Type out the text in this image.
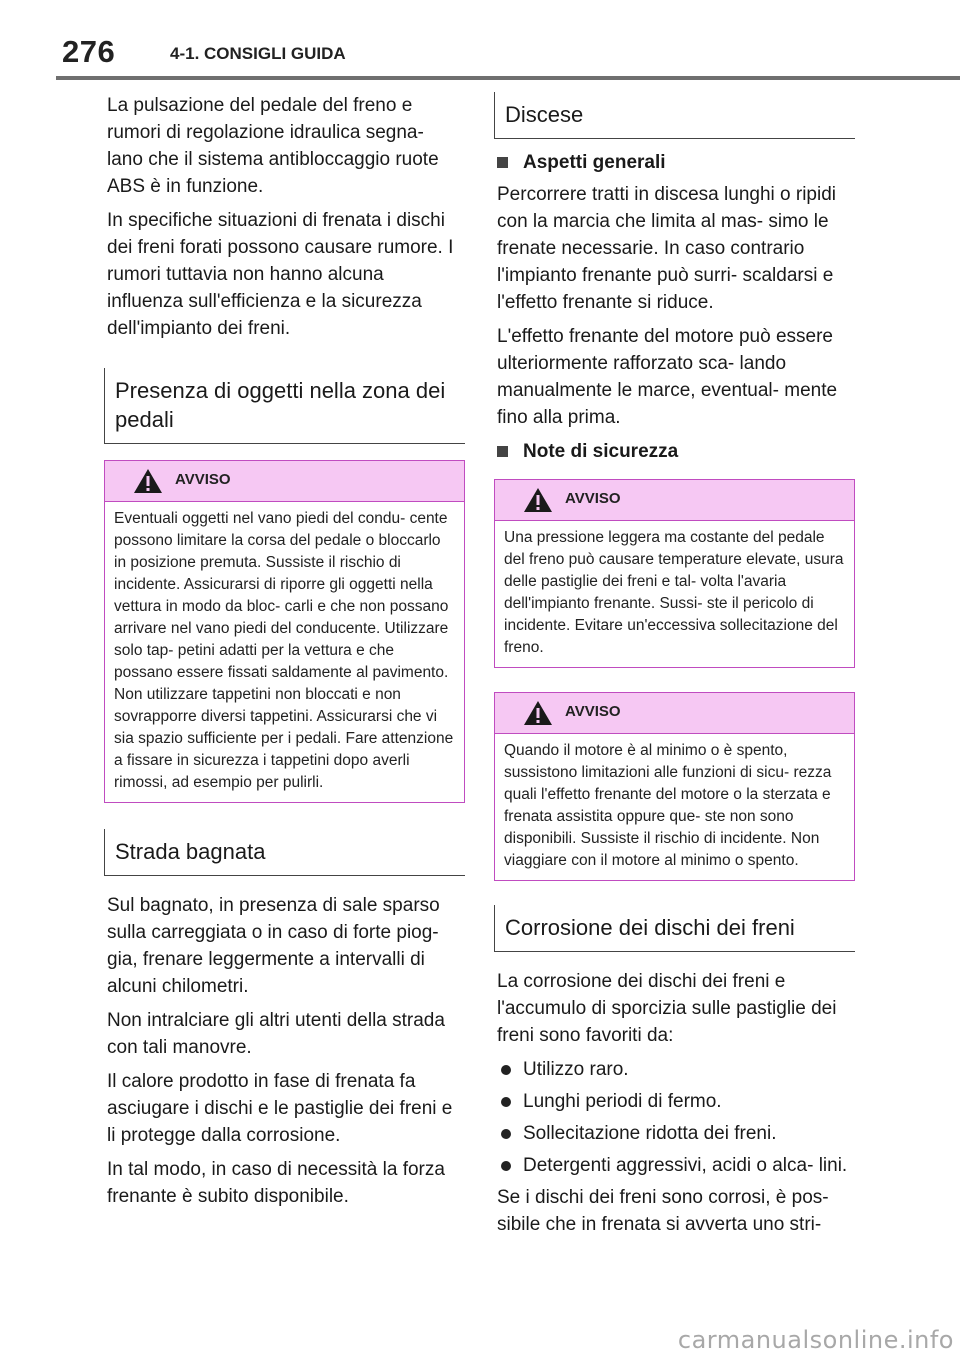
276	4-1. CONSIGLI GUIDA

La pulsazione del pedale del freno e rumori di regolazione idraulica segna- lano che il sistema antibloccaggio ruote ABS è in funzione.

In specifiche situazioni di frenata i dischi dei freni forati possono causare rumore. I rumori tuttavia non hanno alcuna influenza sull'efficienza e la sicurezza dell'impianto dei freni.

Presenza di oggetti nella zona dei pedali
AVVISO
Eventuali oggetti nel vano piedi del condu- cente possono limitare la corsa del pedale o bloccarlo in posizione premuta. Sussiste il rischio di incidente. Assicurarsi di riporre gli oggetti nella vettura in modo da bloc- carli e che non possano arrivare nel vano piedi del conducente. Utilizzare solo tap- petini adatti per la vettura e che possano essere fissati saldamente al pavimento. Non utilizzare tappetini non bloccati e non sovrapporre diversi tappetini. Assicurarsi che vi sia spazio sufficiente per i pedali. Fare attenzione a fissare in sicurezza i tappetini dopo averli rimossi, ad esempio per pulirli.
Strada bagnata

Sul bagnato, in presenza di sale sparso sulla carreggiata o in caso di forte piog- gia, frenare leggermente a intervalli di alcuni chilometri.

Non intralciare gli altri utenti della strada con tali manovre.

Il calore prodotto in fase di frenata fa asciugare i dischi e le pastiglie dei freni e li protegge dalla corrosione.

In tal modo, in caso di necessità la forza frenante è subito disponibile.

Discese
Aspetti generali

Percorrere tratti in discesa lunghi o ripidi con la marcia che limita al mas- simo le frenate necessarie. In caso contrario l'impianto frenante può surri- scaldarsi e l'effetto frenante si riduce.

L'effetto frenante del motore può essere ulteriormente rafforzato sca- lando manualmente le marce, eventual- mente fino alla prima.

Note di sicurezza
AVVISO
Una pressione leggera ma costante del pedale del freno può causare temperature elevate, usura delle pastiglie dei freni e tal- volta l'avaria dell'impianto frenante. Sussi- ste il pericolo di incidente. Evitare un'eccessiva sollecitazione del freno.
AVVISO
Quando il motore è al minimo o è spento, sussistono limitazioni alle funzioni di sicu- rezza quali l'effetto frenante del motore o la sterzata e frenata assistita oppure que- ste non sono disponibili. Sussiste il rischio di incidente. Non viaggiare con il motore al minimo o spento.
Corrosione dei dischi dei freni

La corrosione dei dischi dei freni e l'accumulo di sporcizia sulle pastiglie dei freni sono favoriti da:

Utilizzo raro.
Lunghi periodi di fermo.
Sollecitazione ridotta dei freni.
Detergenti aggressivi, acidi o alca- lini.

Se i dischi dei freni sono corrosi, è pos- sibile che in frenata si avverta uno stri-

carmanualsonline.info
